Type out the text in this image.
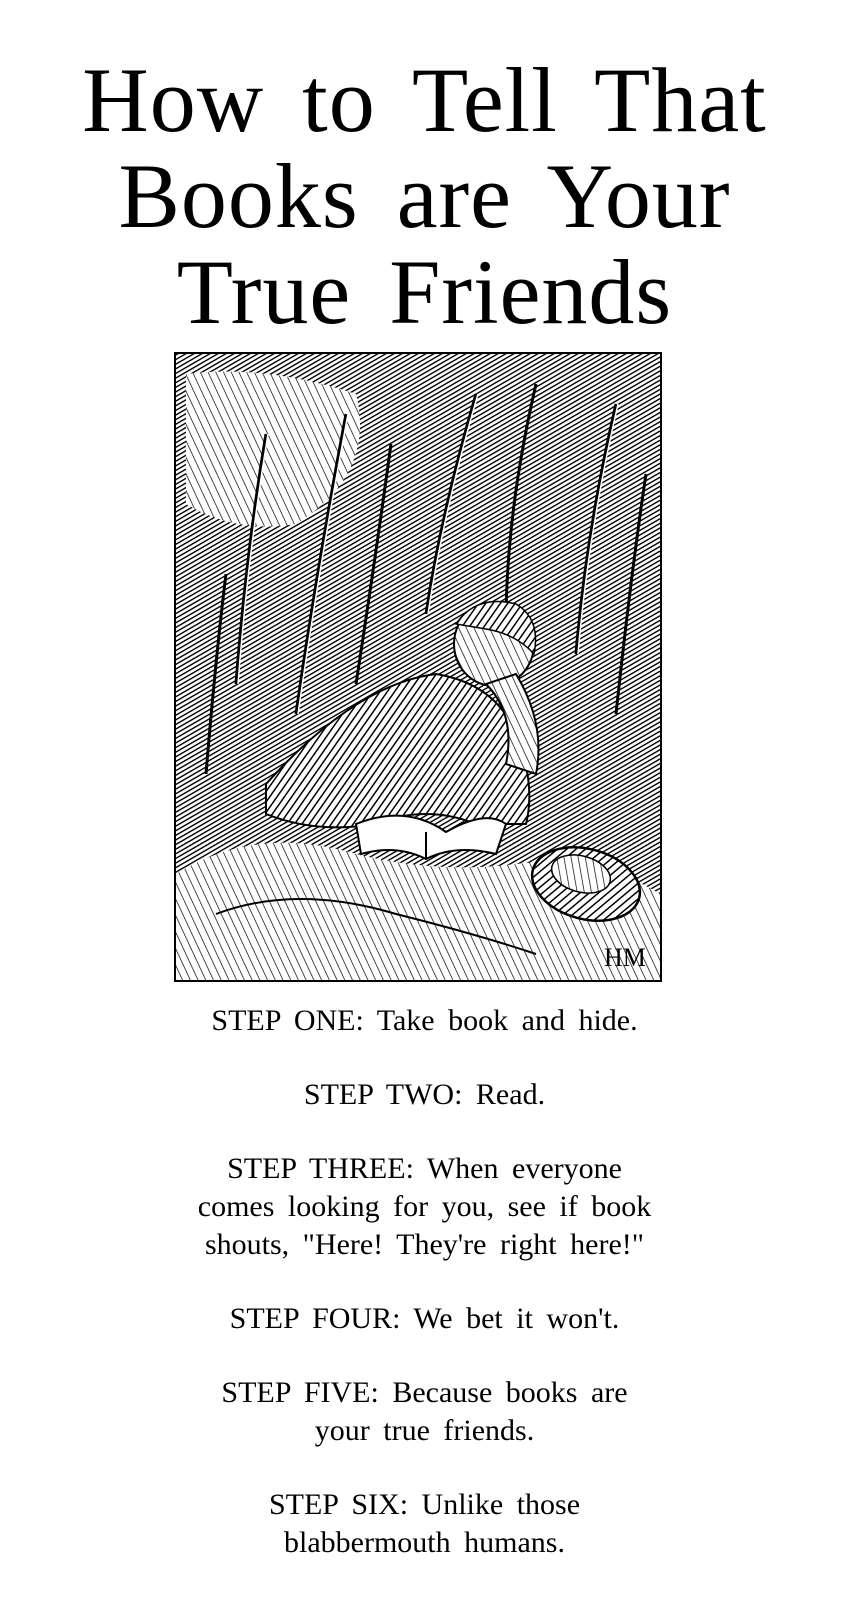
How to Tell That
Books are Your
True Friends
HM
STEP ONE: Take book and hide.
STEP TWO: Read.
STEP THREE: When everyone
comes looking for you, see if book
shouts, "Here! They're right here!"
STEP FOUR: We bet it won't.
STEP FIVE: Because books are
your true friends.
STEP SIX: Unlike those
blabbermouth humans.
